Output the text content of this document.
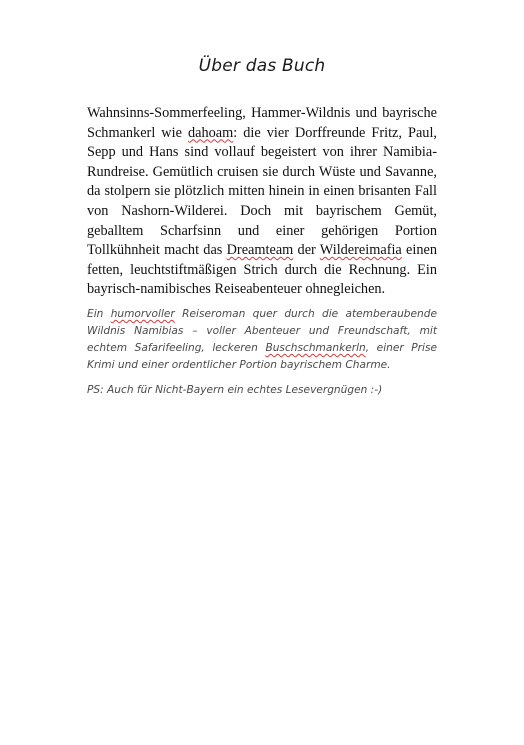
Über das Buch

Wahnsinns-Sommerfeeling, Hammer-Wildnis und bayrische Schmankerl wie dahoam: die vier Dorffreunde Fritz, Paul, Sepp und Hans sind vollauf begeistert von ihrer Namibia-Rundreise. Gemütlich cruisen sie durch Wüste und Savanne, da stolpern sie plötzlich mitten hinein in einen brisanten Fall von Nashorn-Wilderei. Doch mit bayrischem Gemüt, geballtem Scharfsinn und einer gehörigen Portion Tollkühnheit macht das Dreamteam der Wildereimafia einen fetten, leuchtstiftmäßigen Strich durch die Rechnung. Ein bayrisch-namibisches Reiseabenteuer ohnegleichen.

Ein humorvoller Reiseroman quer durch die atemberaubende Wildnis Namibias – voller Abenteuer und Freundschaft, mit echtem Safarifeeling, leckeren Buschschmankerln, einer Prise Krimi und einer ordentlicher Portion bayrischem Charme.

PS: Auch für Nicht-Bayern ein echtes Lesevergnügen :-)
